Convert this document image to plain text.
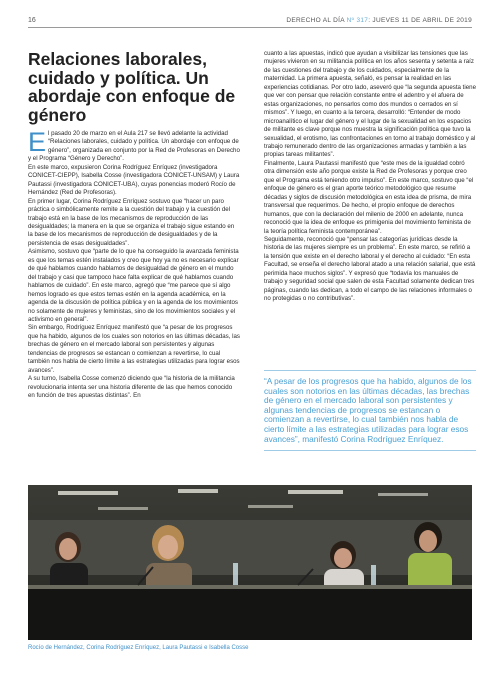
16	DERECHO AL DÍA Nº 317: JUEVES 11 DE ABRIL DE 2019
Relaciones laborales, cuidado y política. Un abordaje con enfoque de género

El pasado 20 de marzo en el Aula 217 se llevó adelante la actividad “Relaciones laborales, cuidado y política. Un abordaje con enfoque de género”, organizada en conjunto por la Red de Profesoras en Derecho y el Programa “Género y Derecho”.

En este marco, expusieron Corina Rodríguez Enríquez (investigadora CONICET-CIEPP), Isabella Cosse (investigadora CONICET-UNSAM) y Laura Pautassi (investigadora CONICET-UBA), cuyas ponencias moderó Rocío de Hernández (Red de Profesoras).

En primer lugar, Corina Rodríguez Enríquez sostuvo que “hacer un paro práctica o simbólicamente remite a la cuestión del trabajo y la cuestión del trabajo está en la base de los mecanismos de reproducción de las desigualdades; la manera en la que se organiza el trabajo sigue estando en la base de los mecanismos de reproducción de desigualdades y de la persistencia de esas desigualdades”.

Asimismo, sostuvo que “parte de lo que ha conseguido la avanzada feminista es que los temas estén instalados y creo que hoy ya no es necesario explicar de qué hablamos cuando hablamos de desigualdad de género en el mundo del trabajo y casi que tampoco hace falta explicar de qué hablamos cuando hablamos de cuidado”. En este marco, agregó que “me parece que sí algo hemos logrado es que estos temas estén en la agenda académica, en la agenda de la discusión de política pública y en la agenda de los movimientos no solamente de mujeres y feministas, sino de los movimientos sociales y el activismo en general”.

Sin embargo, Rodríguez Enríquez manifestó que “a pesar de los progresos que ha habido, algunos de los cuales son notorios en las últimas décadas, las brechas de género en el mercado laboral son persistentes y algunas tendencias de progresos se estancan o comienzan a revertirse, lo cual también nos habla de cierto límite a las estrategias utilizadas para lograr esos avances”.

A su turno, Isabella Cosse comenzó diciendo que “la historia de la militancia revolucionaria intenta ser una historia diferente de las que hemos conocido en función de tres apuestas distintas”. En

cuanto a las apuestas, indicó que ayudan a visibilizar las tensiones que las mujeres vivieron en su militancia política en los años sesenta y setenta a raíz de las cuestiones del trabajo y de los cuidados, especialmente de la maternidad. La primera apuesta, señaló, es pensar la realidad en las experiencias cotidianas. Por otro lado, aseveró que “la segunda apuesta tiene que ver con pensar que relación constante entre el adentro y el afuera de estas organizaciones, no pensarlos como dos mundos o cerrados en sí mismos”. Y luego, en cuanto a la tercera, desarrolló: “Entender de modo microanalítico el lugar del género y el lugar de la sexualidad en los espacios de militante es clave porque nos muestra la significación política que tuvo la sexualidad, el erotismo, las confrontaciones en torno al trabajo doméstico y al trabajo remunerado dentro de las organizaciones armadas y también a las propias tareas militantes”.

Finalmente, Laura Pautassi manifestó que “este mes de la igualdad cobró otra dimensión este año porque existe la Red de Profesoras y porque creo que el Programa está teniendo otro impulso”. En este marco, sostuvo que “el enfoque de género es el gran aporte teórico metodológico que resume décadas y siglos de discusión metodológica en esta idea de prisma, de mira transversal que requerimos. De hecho, el propio enfoque de derechos humanos, que con la declaración del milenio de 2000 en adelante, nunca reconoció que la idea de enfoque es primigenia del movimiento feminista de la teoría política feminista contemporánea”.

Seguidamente, reconoció que “pensar las categorías jurídicas desde la historia de las mujeres siempre es un problema”. En este marco, se refirió a la tensión que existe en el derecho laboral y el derecho al cuidado: “En esta Facultad, se enseña el derecho laboral atado a una relación salarial, que está perimida hace muchos siglos”. Y expresó que “todavía los manuales de trabajo y seguridad social que salen de esta Facultad solamente dedican tres páginas, cuando las dedican, a todo el campo de las relaciones informales o no protegidas o no contributivas”.

“A pesar de los progresos que ha habido, algunos de los cuales son notorios en las últimas décadas, las brechas de género en el mercado laboral son persistentes y algunas tendencias de progresos se estancan o comienzan a revertirse, lo cual también nos habla de cierto límite a las estrategias utilizadas para lograr esos avances”, manifestó Corina Rodríguez Enríquez.
Rocío de Hernández, Corina Rodríguez Enríquez, Laura Pautassi e Isabella Cosse
